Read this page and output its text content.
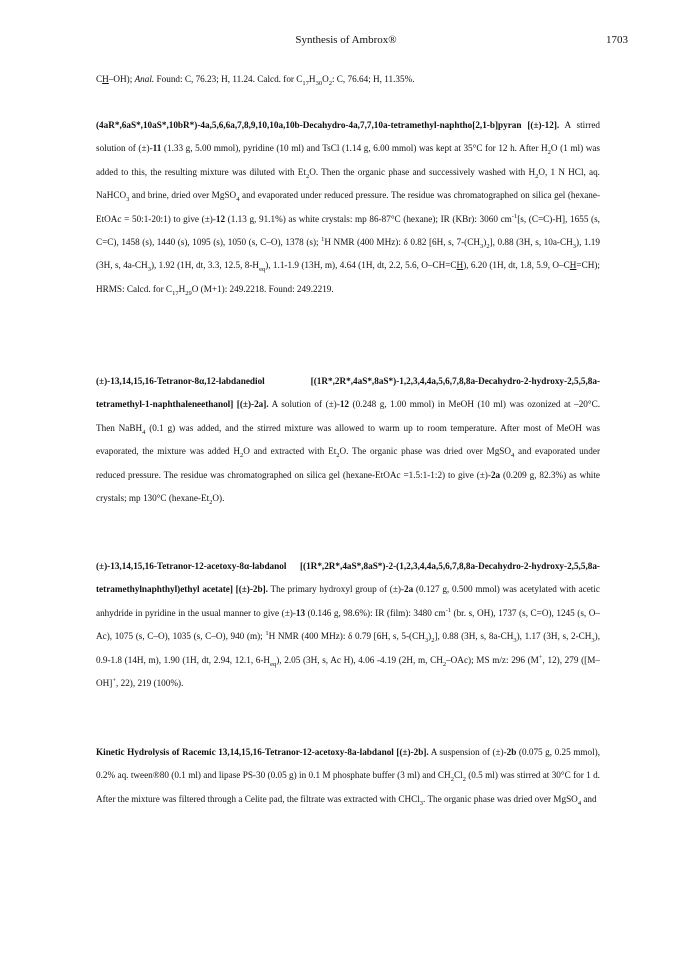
Synthesis of Ambrox®	1703

CH–OH); Anal. Found: C, 76.23; H, 11.24. Calcd. for $C_{17}H_{30}O_2$: C, 76.64; H, 11.35%.

(4aR*,6aS*,10aS*,10bR*)-4a,5,6,6a,7,8,9,10,10a,10b-Decahydro-4a,7,7,10a-tetramethyl-naphtho[2,1-b]pyran [(±)-12]. A stirred solution of (±)-11 (1.33 g, 5.00 mmol), pyridine (10 ml) and TsCl (1.14 g, 6.00 mmol) was kept at 35°C for 12 h. After $H_2O$ (1 ml) was added to this, the resulting mixture was diluted with $Et_2O$. Then the organic phase and successively washed with $H_2O$, 1 N HCl, aq. NaHCO$_3$ and brine, dried over MgSO$_4$ and evaporated under reduced pressure. The residue was chromatographed on silica gel (hexane-EtOAc = 50:1-20:1) to give (±)-12 (1.13 g, 91.1%) as white crystals: mp 86-87°C (hexane); IR (KBr): 3060 $cm^{-1}[s$, (C=C)-H], 1655 (s, C=C), 1458 (s), 1440 (s), 1095 (s), 1050 (s, C–O), 1378 (s); $^1$H NMR (400 MHz): δ 0.82 [6H, s, $7-(CH_3)_2$], 0.88 (3H, s, $10a-CH_3$), 1.19 (3H, s, $4a-CH_3$), 1.92 (1H, dt, 3.3, 12.5, $8-H_{eq}$), 1.1-1.9 (13H, m), 4.64 (1H, dt, 2.2, 5.6, O–CH=CH), 6.20 (1H, dt, 1.8, 5.9, O–CH=CH); HRMS: Calcd. for $C_{17}H_{29}O$ (M+1): 249.2218. Found: 249.2219.

(±)-13,14,15,16-Tetranor-8α,12-labdanediol [(1R*,2R*,4aS*,8aS*)-1,2,3,4,4a,5,6,7,8,8a-Decahydro-2-hydroxy-2,5,5,8a-tetramethyl-1-naphthaleneethanol] [(±)-2a]. A solution of (±)-12 (0.248 g, 1.00 mmol) in MeOH (10 ml) was ozonized at –20°C. Then NaBH$_4$ (0.1 g) was added, and the stirred mixture was allowed to warm up to room temperature. After most of MeOH was evaporated, the mixture was added $H_2O$ and extracted with $Et_2O$. The organic phase was dried over MgSO$_4$ and evaporated under reduced pressure. The residue was chromatographed on silica gel (hexane-EtOAc =1.5:1-1:2) to give (±)-2a (0.209 g, 82.3%) as white crystals; mp 130°C $(hexane-Et_2O)$.

(±)-13,14,15,16-Tetranor-12-acetoxy-8α-labdanol [(1R*,2R*,4aS*,8aS*)-2-(1,2,3,4,4a,5,6,7,8,8a-Decahydro-2-hydroxy-2,5,5,8a-tetramethylnaphthyl)ethyl acetate] [(±)-2b]. The primary hydroxyl group of (±)-2a (0.127 g, 0.500 mmol) was acetylated with acetic anhydride in pyridine in the usual manner to give (±)-13 (0.146 g, 98.6%): IR (film): 3480 $cm^{-1}$ (br. s, OH), 1737 (s, C=O), 1245 (s, O–Ac), 1075 (s, C–O), 1035 (s, C–O), 940 (m); $^1$H NMR (400 MHz): δ 0.79 [6H, s, $5-(CH_3)_2$], 0.88 (3H, s, $8a-CH_3$), 1.17 (3H, s, $2-CH_3$), 0.9-1.8 (14H, m), 1.90 (1H, dt, 2.94, 12.1, $6-H_{eq}$), 2.05 (3H, s, Ac H), 4.06 -4.19 (2H, m, $CH_2-OAc$); MS m/z: 296 (M+, 12), 279 ([M–OH]+, 22), 219 (100%).

Kinetic Hydrolysis of Racemic 13,14,15,16-Tetranor-12-acetoxy-8a-labdanol [(±)-2b]. A suspension of (±)-2b (0.075 g, 0.25 mmol), 0.2% aq. tween®80 (0.1 ml) and lipase PS-30 (0.05 g) in 0.1 M phosphate buffer (3 ml) and $CH_2Cl_2$ (0.5 ml) was stirred at 30°C for 1 d. After the mixture was filtered through a Celite pad, the filtrate was extracted with CHCl$_3$. The organic phase was dried over MgSO$_4$ and
